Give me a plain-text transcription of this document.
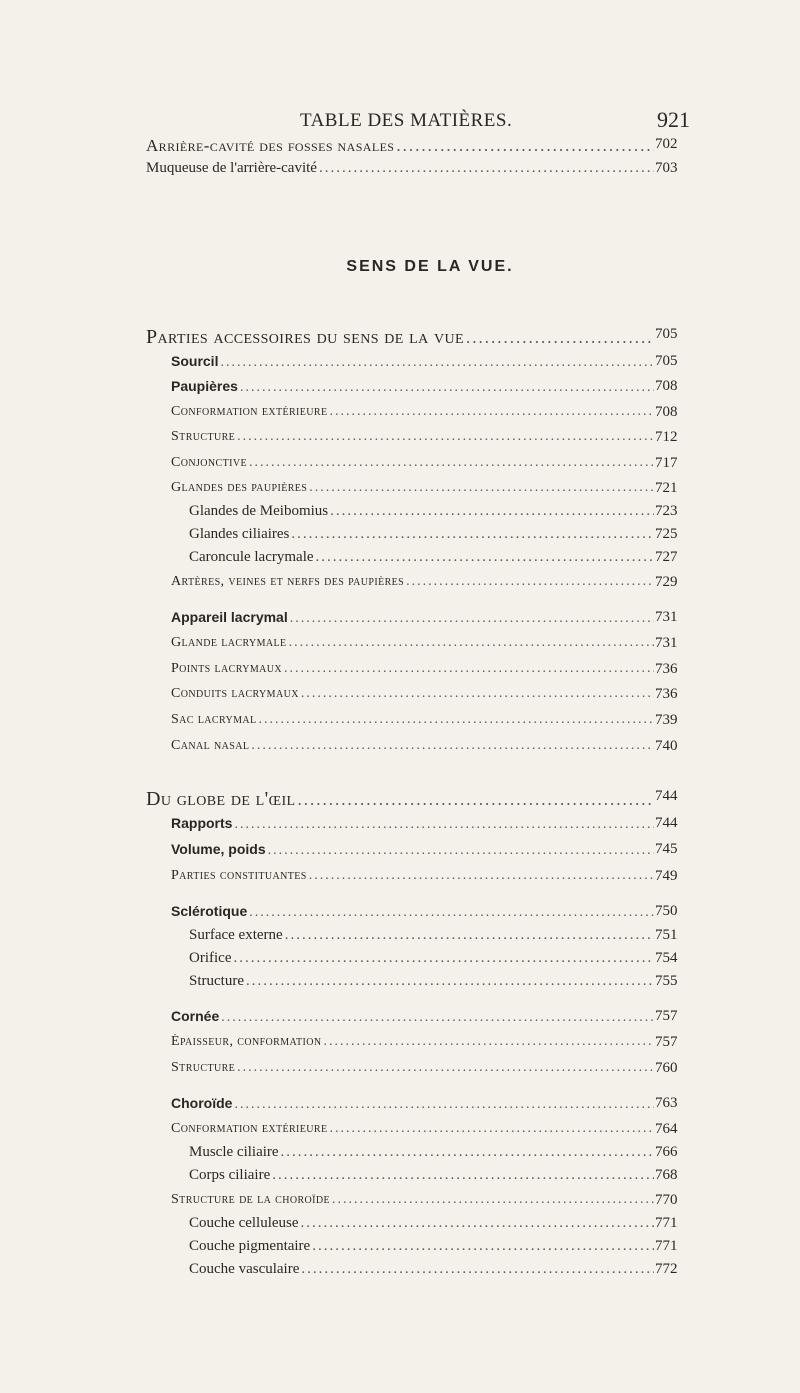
TABLE DES MATIÈRES.	921
Arrière-cavité des fosses nasales .....	702
Muqueuse de l'arrière-cavité .....	703
SENS DE LA VUE.
Parties accessoires du sens de la vue .....	705
Sourcil .....	705
Paupières .....	708
Conformation extérieure .....	708
Structure .....	712
Conjonctive .....	717
Glandes des paupières .....	721
Glandes de Meibomius .....	723
Glandes ciliaires .....	725
Caroncule lacrymale .....	727
Artères, veines et nerfs des paupières .....	729
Appareil lacrymal .....	731
Glande lacrymale .....	731
Points lacrymaux .....	736
Conduits lacrymaux .....	736
Sac lacrymal .....	739
Canal nasal .....	740
Du globe de l'œil .....	744
Rapports .....	744
Volume, poids .....	745
Parties constituantes .....	749
Sclérotique .....	750
Surface externe .....	751
Orifice .....	754
Structure .....	755
Cornée .....	757
Épaisseur, conformation .....	757
Structure .....	760
Choroïde .....	763
Conformation extérieure .....	764
Muscle ciliaire .....	766
Corps ciliaire .....	768
Structure de la choroïde .....	770
Couche celluleuse .....	771
Couche pigmentaire .....	771
Couche vasculaire .....	772
